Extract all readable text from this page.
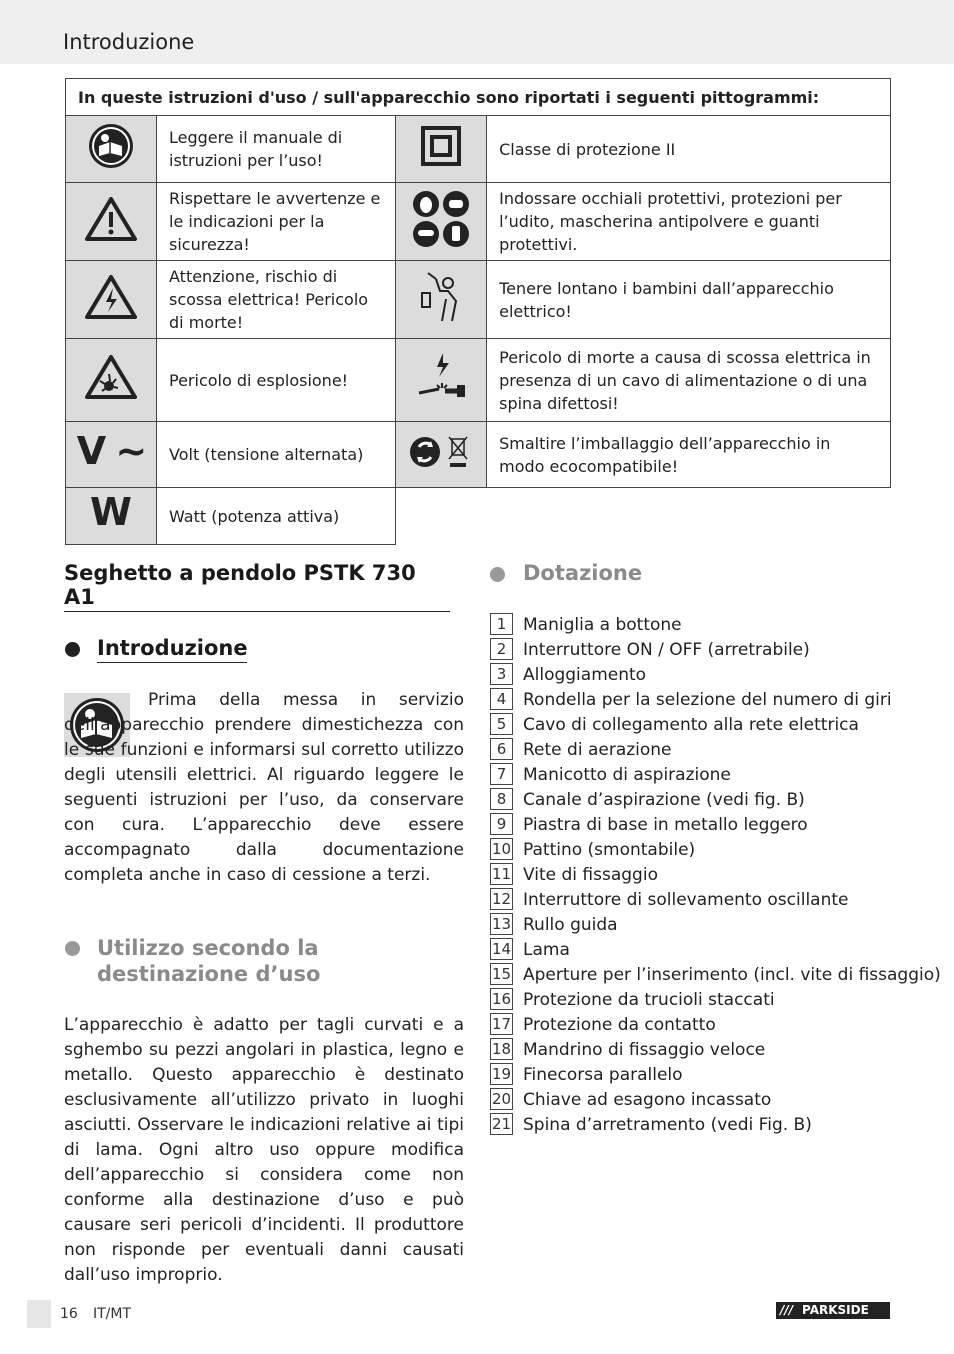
Introduzione
In queste istruzioni d'uso / sull'apparecchio sono riportati i seguenti pittogrammi:			
	Leggere il manuale di istruzioni per l’uso!		Classe di protezione II
	Rispettare le avvertenze e le indicazioni per la sicurezza!		Indossare occhiali protettivi, protezioni per l’udito, mascherina antipolvere e guanti protettivi.
	Attenzione, rischio di scossa elettrica! Pericolo di morte!		Tenere lontano i bambini dall’apparecchio elettrico!
	Pericolo di esplosione!		Pericolo di morte a causa di scossa elettrica in presenza di un cavo di alimentazione o di una spina difettosi!
V ~	Volt (tensione alternata)		Smaltire l’imballaggio dell’apparecchio in modo ecocompatibile!
W	Watt (potenza attiva)		
Seghetto a pendolo PSTK 730 A1
Introduzione
Prima della messa in servizio dell’apparecchio prendere dimestichezza con le sue funzioni e informarsi sul corretto utilizzo degli utensili elettrici. Al riguardo leggere le seguenti istruzioni per l’uso, da conservare con cura. L’apparecchio deve essere accompagnato dalla documentazione completa anche in caso di cessione a terzi.
Utilizzo secondo la
destinazione d’uso
L’apparecchio è adatto per tagli curvati e a sghembo su pezzi angolari in plastica, legno e metallo. Questo apparecchio è destinato esclusivamente all’utilizzo privato in luoghi asciutti. Osservare le indicazioni relative ai tipi di lama. Ogni altro uso oppure modifica dell’apparecchio si considera come non conforme alla destinazione d’uso e può causare seri pericoli d’incidenti. Il produttore non risponde per eventuali danni causati dall’uso improprio.
Dotazione
1 Maniglia a bottone
2 Interruttore ON / OFF (arretrabile)
3 Alloggiamento
4 Rondella per la selezione del numero di giri
5 Cavo di collegamento alla rete elettrica
6 Rete di aerazione
7 Manicotto di aspirazione
8 Canale d’aspirazione (vedi fig. B)
9 Piastra di base in metallo leggero
10 Pattino (smontabile)
11 Vite di fissaggio
12 Interruttore di sollevamento oscillante
13 Rullo guida
14 Lama
15 Aperture per l’inserimento (incl. vite di fissaggio)
16 Protezione da trucioli staccati
17 Protezione da contatto
18 Mandrino di fissaggio veloce
19 Finecorsa parallelo
20 Chiave ad esagono incassato
21 Spina d’arretramento (vedi Fig. B)
16 IT/MT	/// PARKSIDE
